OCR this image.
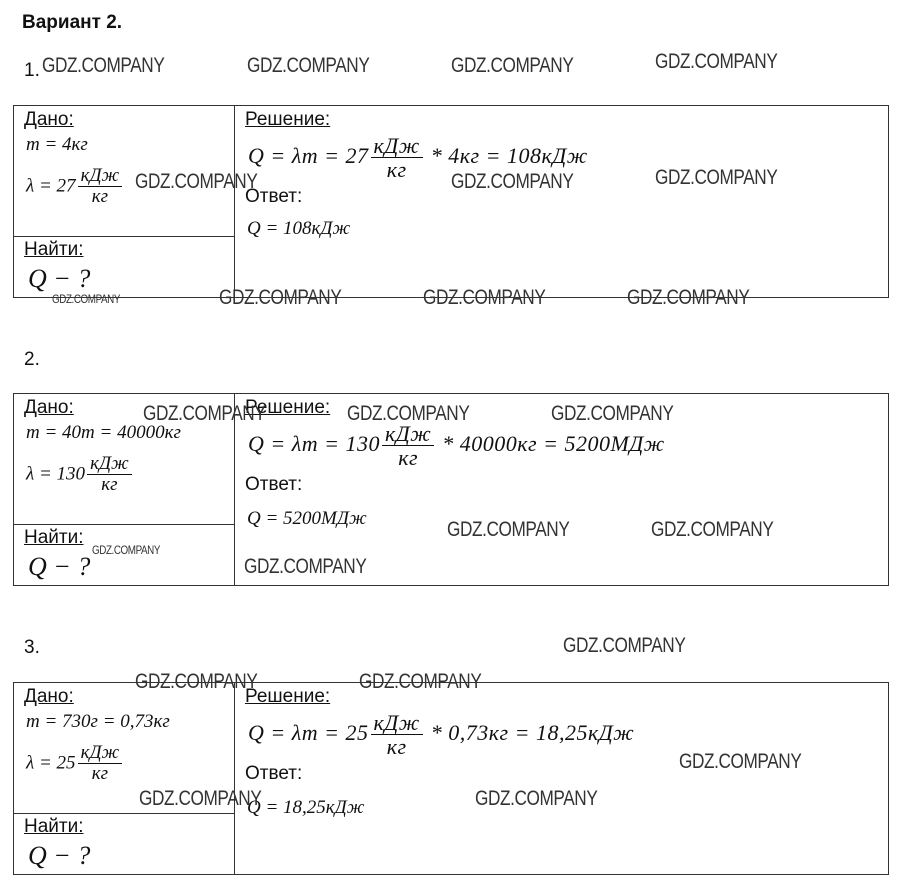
Вариант 2.
1.
Дано:
m = 4кг
$\lambda = 27 \frac{\text{кДж}}{кг}$
Найти:
Q − ?
Решение:
$Q = \lambda m = 27 \frac{\text{кДж}}{кг} * 4кг = 108кДж$
Ответ:
Q = 108кДж
2.
Дано:
m = 40т = 40000кг
$\lambda = 130 \frac{\text{кДж}}{кг}$
Найти:
Q − ?
Решение:
$Q = \lambda m = 130 \frac{\text{кДж}}{кг} * 40000кг = 5200МДж$
Ответ:
Q = 5200МДж
3.
Дано:
m = 730г = 0,73кг
$\lambda = 25 \frac{\text{кДж}}{кг}$
Найти:
Q − ?
Решение:
$Q = \lambda m = 25 \frac{\text{кДж}}{кг} * 0,73кг = 18,25кДж$
Ответ:
Q = 18,25кДж
GDZ.COMPANY	GDZ.COMPANY	GDZ.COMPANY	GDZ.COMPANY
GDZ.COMPANY	GDZ.COMPANY	GDZ.COMPANY
GDZ.COMPANY	GDZ.COMPANY	GDZ.COMPANY	GDZ.COMPANY
GDZ.COMPANY	GDZ.COMPANY	GDZ.COMPANY
GDZ.COMPANY
GDZ.COMPANY	GDZ.COMPANY
GDZ.COMPANY
GDZ.COMPANY
GDZ.COMPANY	GDZ.COMPANY
GDZ.COMPANY
GDZ.COMPANY	GDZ.COMPANY
